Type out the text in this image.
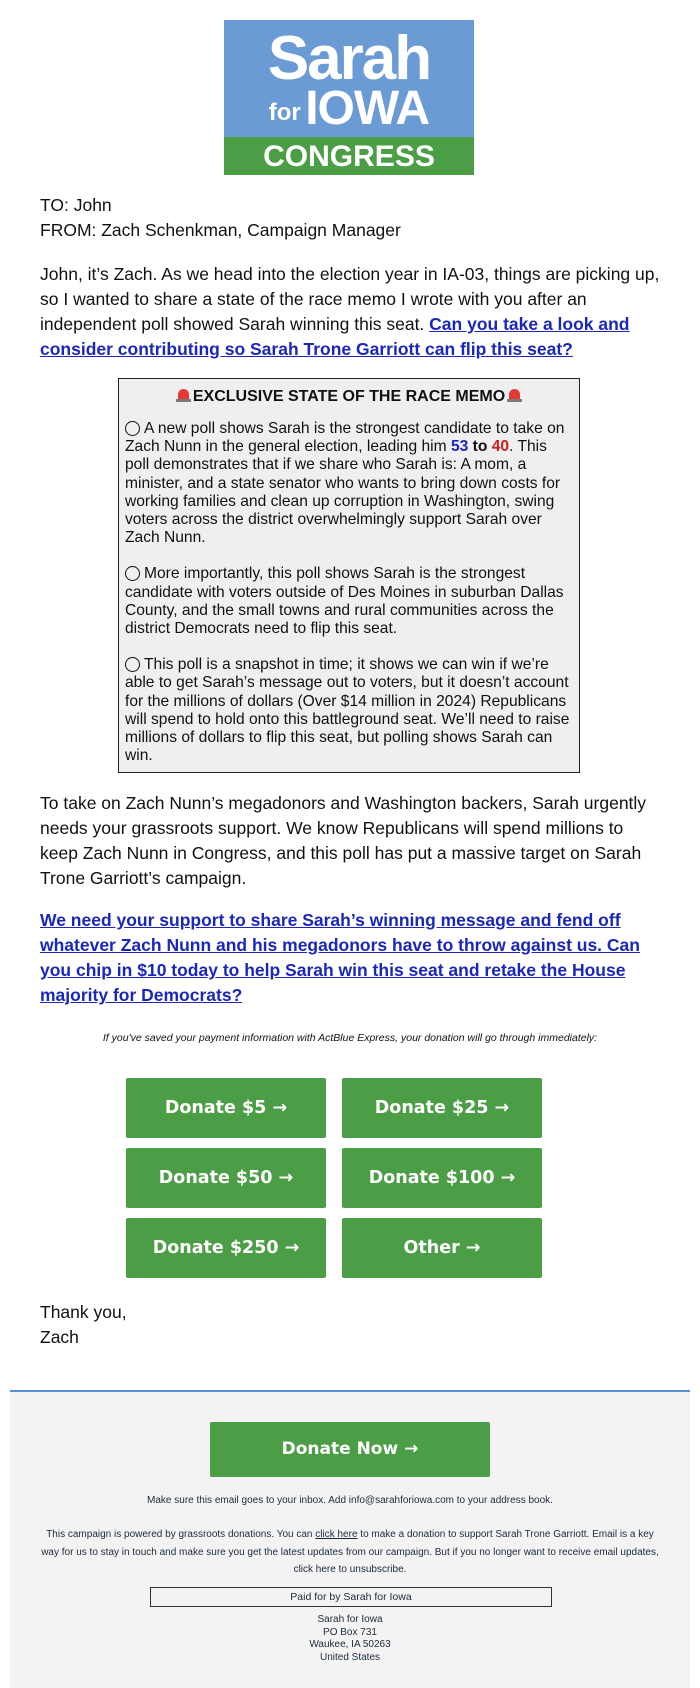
Sarah
for IOWA
CONGRESS
TO: John
FROM: Zach Schenkman, Campaign Manager
John, it’s Zach. As we head into the election year in IA-03, things are picking up, so I wanted to share a state of the race memo I wrote with you after an independent poll showed Sarah winning this seat. Can you take a look and consider contributing so Sarah Trone Garriott can flip this seat?
EXCLUSIVE STATE OF THE RACE MEMO

A new poll shows Sarah is the strongest candidate to take on Zach Nunn in the general election, leading him 53 to 40. This poll demonstrates that if we share who Sarah is: A mom, a minister, and a state senator who wants to bring down costs for working families and clean up corruption in Washington, swing voters across the district overwhelmingly support Sarah over Zach Nunn.

More importantly, this poll shows Sarah is the strongest candidate with voters outside of Des Moines in suburban Dallas County, and the small towns and rural communities across the district Democrats need to flip this seat.

This poll is a snapshot in time; it shows we can win if we’re able to get Sarah’s message out to voters, but it doesn’t account for the millions of dollars (Over $14 million in 2024) Republicans will spend to hold onto this battleground seat. We’ll need to raise millions of dollars to flip this seat, but polling shows Sarah can win.

To take on Zach Nunn’s megadonors and Washington backers, Sarah urgently needs your grassroots support. We know Republicans will spend millions to keep Zach Nunn in Congress, and this poll has put a massive target on Sarah Trone Garriott’s campaign.
We need your support to share Sarah’s winning message and fend off whatever Zach Nunn and his megadonors have to throw against us. Can you chip in $10 today to help Sarah win this seat and retake the House majority for Democrats?
If you've saved your payment information with ActBlue Express, your donation will go through immediately:
Donate $5 →	Donate $25 →
Donate $50 →	Donate $100 →
Donate $250 →	Other →
Thank you,
Zach
Donate Now →
Make sure this email goes to your inbox. Add info@sarahforiowa.com to your address book.
This campaign is powered by grassroots donations. You can click here to make a donation to support Sarah Trone Garriott. Email is a key way for us to stay in touch and make sure you get the latest updates from our campaign. But if you no longer want to receive email updates, click here to unsubscribe.
Paid for by Sarah for Iowa
Sarah for Iowa
PO Box 731
Waukee, IA 50263
United States
